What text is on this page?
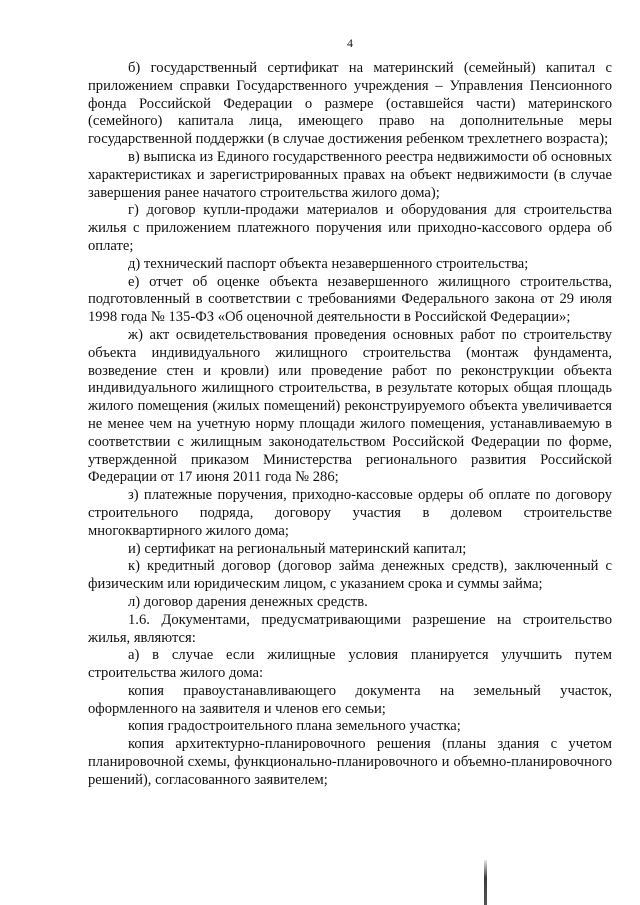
4

б) государственный сертификат на материнский (семейный) капитал с приложением справки Государственного учреждения – Управления Пенсионного фонда Российской Федерации о размере (оставшейся части) материнского (семейного) капитала лица, имеющего право на дополнительные меры государственной поддержки (в случае достижения ребенком трехлетнего возраста);

в) выписка из Единого государственного реестра недвижимости об основных характеристиках и зарегистрированных правах на объект недвижимости (в случае завершения ранее начатого строительства жилого дома);

г) договор купли-продажи материалов и оборудования для строительства жилья с приложением платежного поручения или приходно-кассового ордера об оплате;

д) технический паспорт объекта незавершенного строительства;

е) отчет об оценке объекта незавершенного жилищного строительства, подготовленный в соответствии с требованиями Федерального закона от 29 июля 1998 года № 135-ФЗ «Об оценочной деятельности в Российской Федерации»;

ж) акт освидетельствования проведения основных работ по строительству объекта индивидуального жилищного строительства (монтаж фундамента, возведение стен и кровли) или проведение работ по реконструкции объекта индивидуального жилищного строительства, в результате которых общая площадь жилого помещения (жилых помещений) реконструируемого объекта увеличивается не менее чем на учетную норму площади жилого помещения, устанавливаемую в соответствии с жилищным законодательством Российской Федерации по форме, утвержденной приказом Министерства регионального развития Российской Федерации от 17 июня 2011 года № 286;

з) платежные поручения, приходно-кассовые ордеры об оплате по договору строительного подряда, договору участия в долевом строительстве многоквартирного жилого дома;

и) сертификат на региональный материнский капитал;

к) кредитный договор (договор займа денежных средств), заключенный с физическим или юридическим лицом, с указанием срока и суммы займа;

л) договор дарения денежных средств.

1.6. Документами, предусматривающими разрешение на строительство жилья, являются:

а) в случае если жилищные условия планируется улучшить путем строительства жилого дома:

копия правоустанавливающего документа на земельный участок, оформленного на заявителя и членов его семьи;

копия градостроительного плана земельного участка;

копия архитектурно-планировочного решения (планы здания с учетом планировочной схемы, функционально-планировочного и объемно-планировочного решений), согласованного заявителем;
